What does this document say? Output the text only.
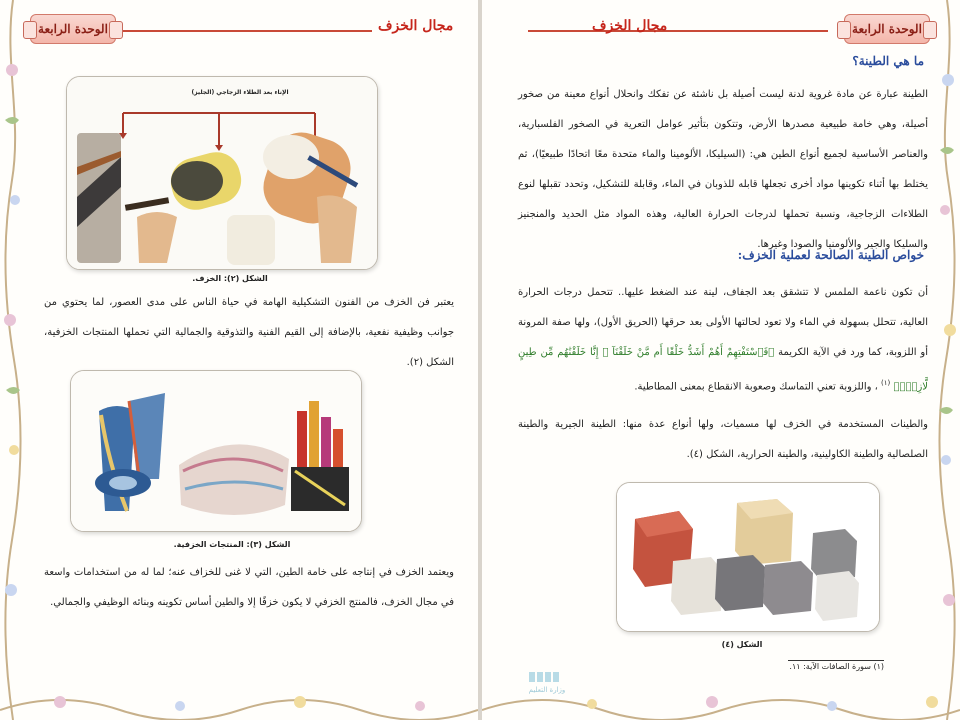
الوحدة الرابعة	مجال الخزف
الإناء بعد الطلاء الزجاجي (الجليز)
الشكل (٢): الخزف.
يعتبر فن الخزف من الفنون التشكيلية الهامة في حياة الناس على مدى العصور، لما يحتوي من جوانب وظيفية نفعية، بالإضافة إلى القيم الفنية والتذوقية والجمالية التي تحملها المنتجات الخزفية، الشكل (٢).
الشكل (٣): المنتجات الخزفية.
ويعتمد الخزف في إنتاجه على خامة الطين، التي لا غنى للخزاف عنه؛ لما له من استخدامات واسعة في مجال الخزف، فالمنتج الخزفي لا يكون خزفًا إلا والطين أساس تكوينه وبنائه الوظيفي والجمالي.
مجال الخزف	الوحدة الرابعة
ما هي الطينة؟
الطينة عبارة عن مادة غروية لدنة ليست أصيلة بل ناشئة عن تفكك وانحلال أنواع معينة من صخور أصيلة، وهي خامة طبيعية مصدرها الأرض، وتتكون بتأثير عوامل التعرية في الصخور الفلسبارية، والعناصر الأساسية لجميع أنواع الطين هي: (السيليكا، الألومينا والماء متحدة معًا اتحادًا طبيعيًا)، ثم يختلط بها أثناء تكوينها مواد أخرى تجعلها قابله للذوبان في الماء، وقابلة للتشكيل، وتحدد تقبلها لنوع الطلاءات الزجاجية، ونسبة تحملها لدرجات الحرارة العالية، وهذه المواد مثل الحديد والمنجنيز والسليكا والجير والألومنيا والصودا وغيرها.
خواص الطينة الصالحة لعملية الخزف:
أن تكون ناعمة الملمس لا تتشقق بعد الجفاف، لينة عند الضغط عليها.. تتحمل درجات الحرارة العالية، تتحلل بسهولة في الماء ولا تعود لحالتها الأولى بعد حرقها (الحريق الأول)، ولها صفة المرونة أو اللزوبة، كما ورد في الآية الكريمة ﴿فَٱسْتَفْتِهِمْ أَهُمْ أَشَدُّ خَلْقًا أَم مَّنْ خَلَقْنَآ ۚ إِنَّا خَلَقْنَٰهُم مِّن طِينٍ لَّازِبٍۭ﴾ $^{(١)}$ ، واللزوبة تعني التماسك وصعوبة الانقطاع بمعنى المطاطية.
والطينات المستخدمة في الخزف لها مسميات، ولها أنواع عدة منها: الطينة الجيرية والطينة الصلصالية والطينة الكاولينية، والطينة الحرارية، الشكل (٤).
الشكل (٤)
(١) سورة الصافات الآية: ١١.
وزارة التعليم
